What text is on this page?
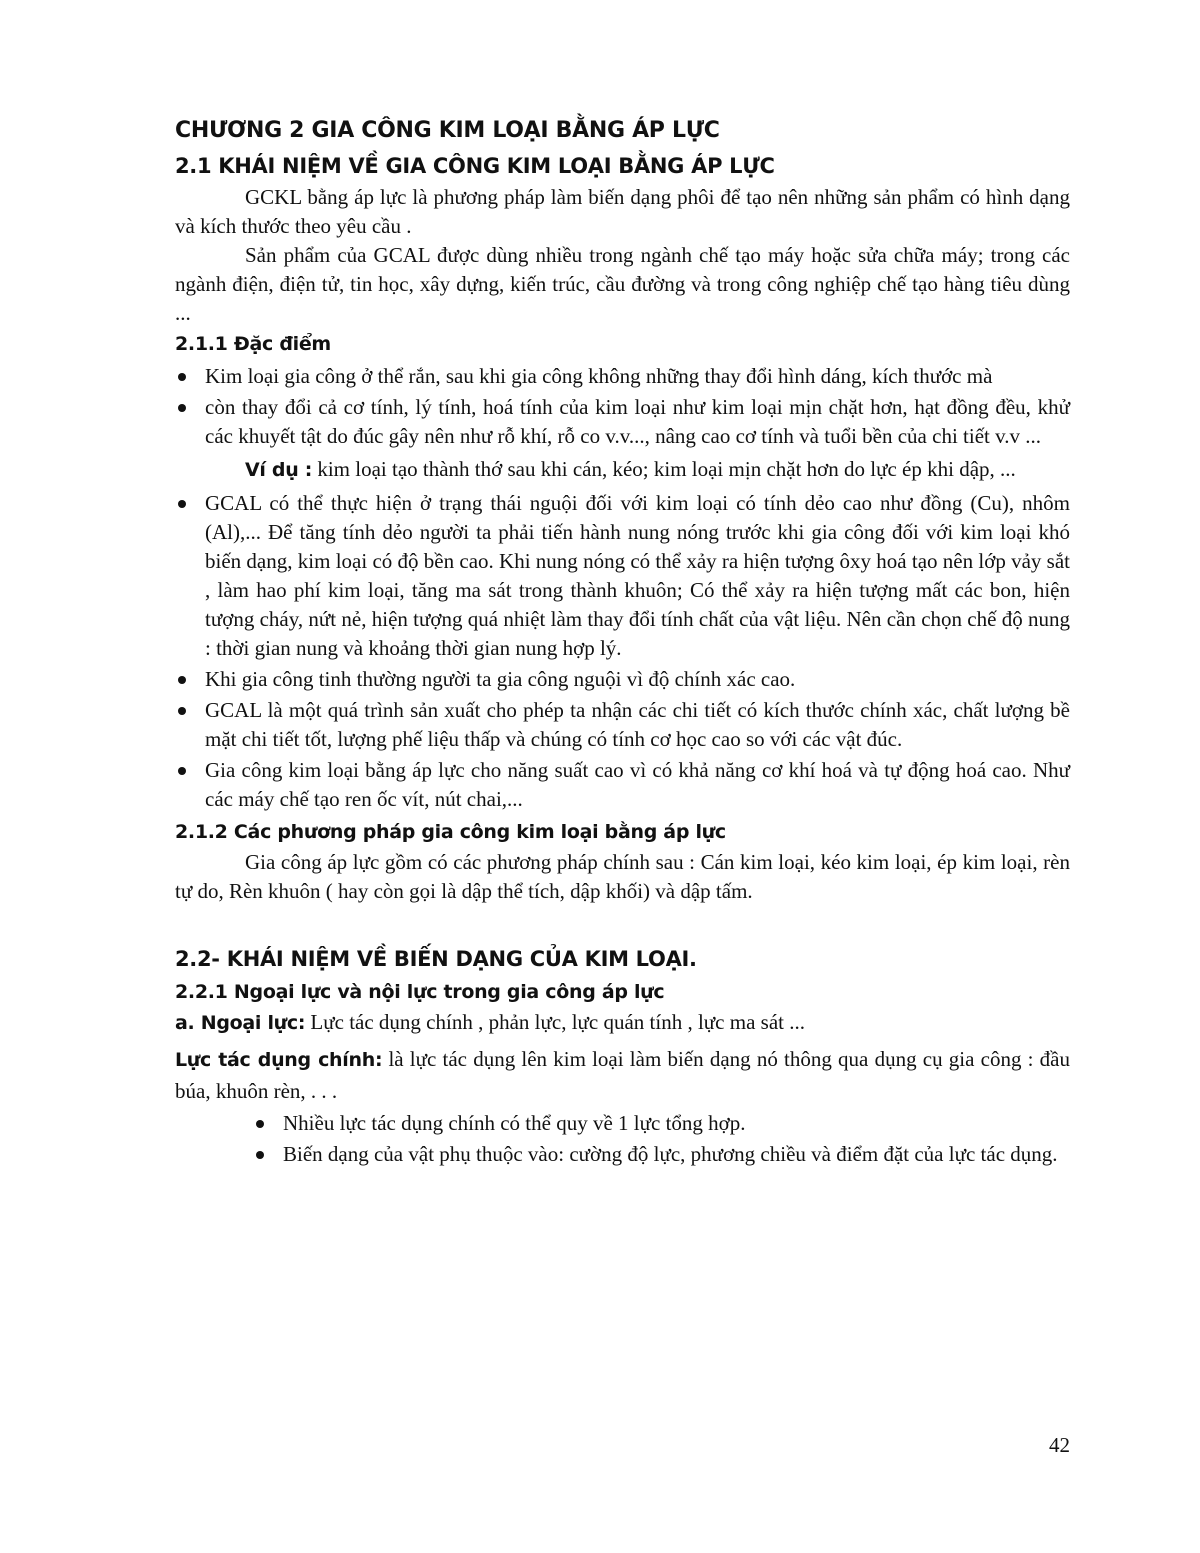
CHƯƠNG 2 GIA CÔNG KIM LOẠI BẰNG ÁP LỰC
2.1 KHÁI NIỆM VỀ GIA CÔNG KIM LOẠI BẰNG ÁP LỰC

GCKL bằng áp lực là phương pháp làm biến dạng phôi để tạo nên những sản phẩm có hình dạng và kích thước theo yêu cầu .

Sản phẩm của GCAL được dùng nhiều trong ngành chế tạo máy hoặc sửa chữa máy; trong các ngành điện, điện tử, tin học, xây dựng, kiến trúc, cầu đường và trong công nghiệp chế tạo hàng tiêu dùng ...

2.1.1 Đặc điểm
Kim loại gia công ở thể rắn, sau khi gia công không những thay đổi hình dáng, kích thước mà
còn thay đổi cả cơ tính, lý tính, hoá tính của kim loại như kim loại mịn chặt hơn, hạt đồng đều, khử các khuyết tật do đúc gây nên như rỗ khí, rỗ co v.v..., nâng cao cơ tính và tuổi bền của chi tiết v.v ...

Ví dụ : kim loại tạo thành thớ sau khi cán, kéo; kim loại mịn chặt hơn do lực ép khi dập, ...

GCAL có thể thực hiện ở trạng thái nguội đối với kim loại có tính dẻo cao như đồng (Cu), nhôm (Al),... Để tăng tính dẻo người ta phải tiến hành nung nóng trước khi gia công đối với kim loại khó biến dạng, kim loại có độ bền cao. Khi nung nóng có thể xảy ra hiện tượng ôxy hoá tạo nên lớp vảy sắt , làm hao phí kim loại, tăng ma sát trong thành khuôn; Có thể xảy ra hiện tượng mất các bon, hiện tượng cháy, nứt nẻ, hiện tượng quá nhiệt làm thay đổi tính chất của vật liệu. Nên cần chọn chế độ nung : thời gian nung và khoảng thời gian nung hợp lý.
Khi gia công tinh thường người ta gia công nguội vì độ chính xác cao.
GCAL là một quá trình sản xuất cho phép ta nhận các chi tiết có kích thước chính xác, chất lượng bề mặt chi tiết tốt, lượng phế liệu thấp và chúng có tính cơ học cao so với các vật đúc.
Gia công kim loại bằng áp lực cho năng suất cao vì có khả năng cơ khí hoá và tự động hoá cao. Như các máy chế tạo ren ốc vít, nút chai,...
2.1.2 Các phương pháp gia công kim loại bằng áp lực

Gia công áp lực gồm có các phương pháp chính sau : Cán kim loại, kéo kim loại, ép kim loại, rèn tự do, Rèn khuôn ( hay còn gọi là dập thể tích, dập khối) và dập tấm.

2.2- KHÁI NIỆM VỀ BIẾN DẠNG CỦA KIM LOẠI.
2.2.1 Ngoại lực và nội lực trong gia công áp lực

a. Ngoại lực: Lực tác dụng chính , phản lực, lực quán tính , lực ma sát ...

Lực tác dụng chính: là lực tác dụng lên kim loại làm biến dạng nó thông qua dụng cụ gia công : đầu búa, khuôn rèn, . . .

Nhiều lực tác dụng chính có thể quy về 1 lực tổng hợp.
Biến dạng của vật phụ thuộc vào: cường độ lực, phương chiều và điểm đặt của lực tác dụng.
42
